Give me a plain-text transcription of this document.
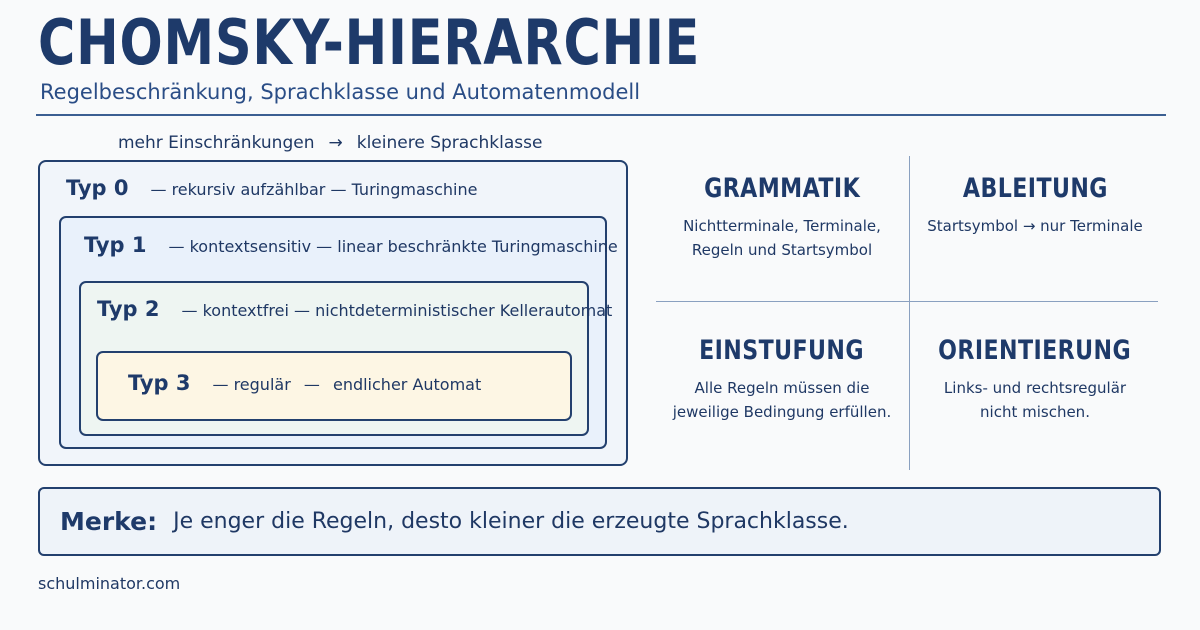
CHOMSKY-HIERARCHIE
Regelbeschränkung, Sprachklasse und Automatenmodell
mehr Einschränkungen → kleinere Sprachklasse
Typ 0 — rekursiv aufzählbar — Turingmaschine
Typ 1 — kontextsensitiv — linear beschränkte Turingmaschine
Typ 2 — kontextfrei — nichtdeterministischer Kellerautomat
Typ 3 — regulär — endlicher Automat
GRAMMATIK
Nichtterminale, Terminale,
Regeln und Startsymbol
ABLEITUNG
Startsymbol → nur Terminale
EINSTUFUNG
Alle Regeln müssen die
jeweilige Bedingung erfüllen.
ORIENTIERUNG
Links- und rechtsregulär
nicht mischen.
Merke: Je enger die Regeln, desto kleiner die erzeugte Sprachklasse.
schulminator.com
